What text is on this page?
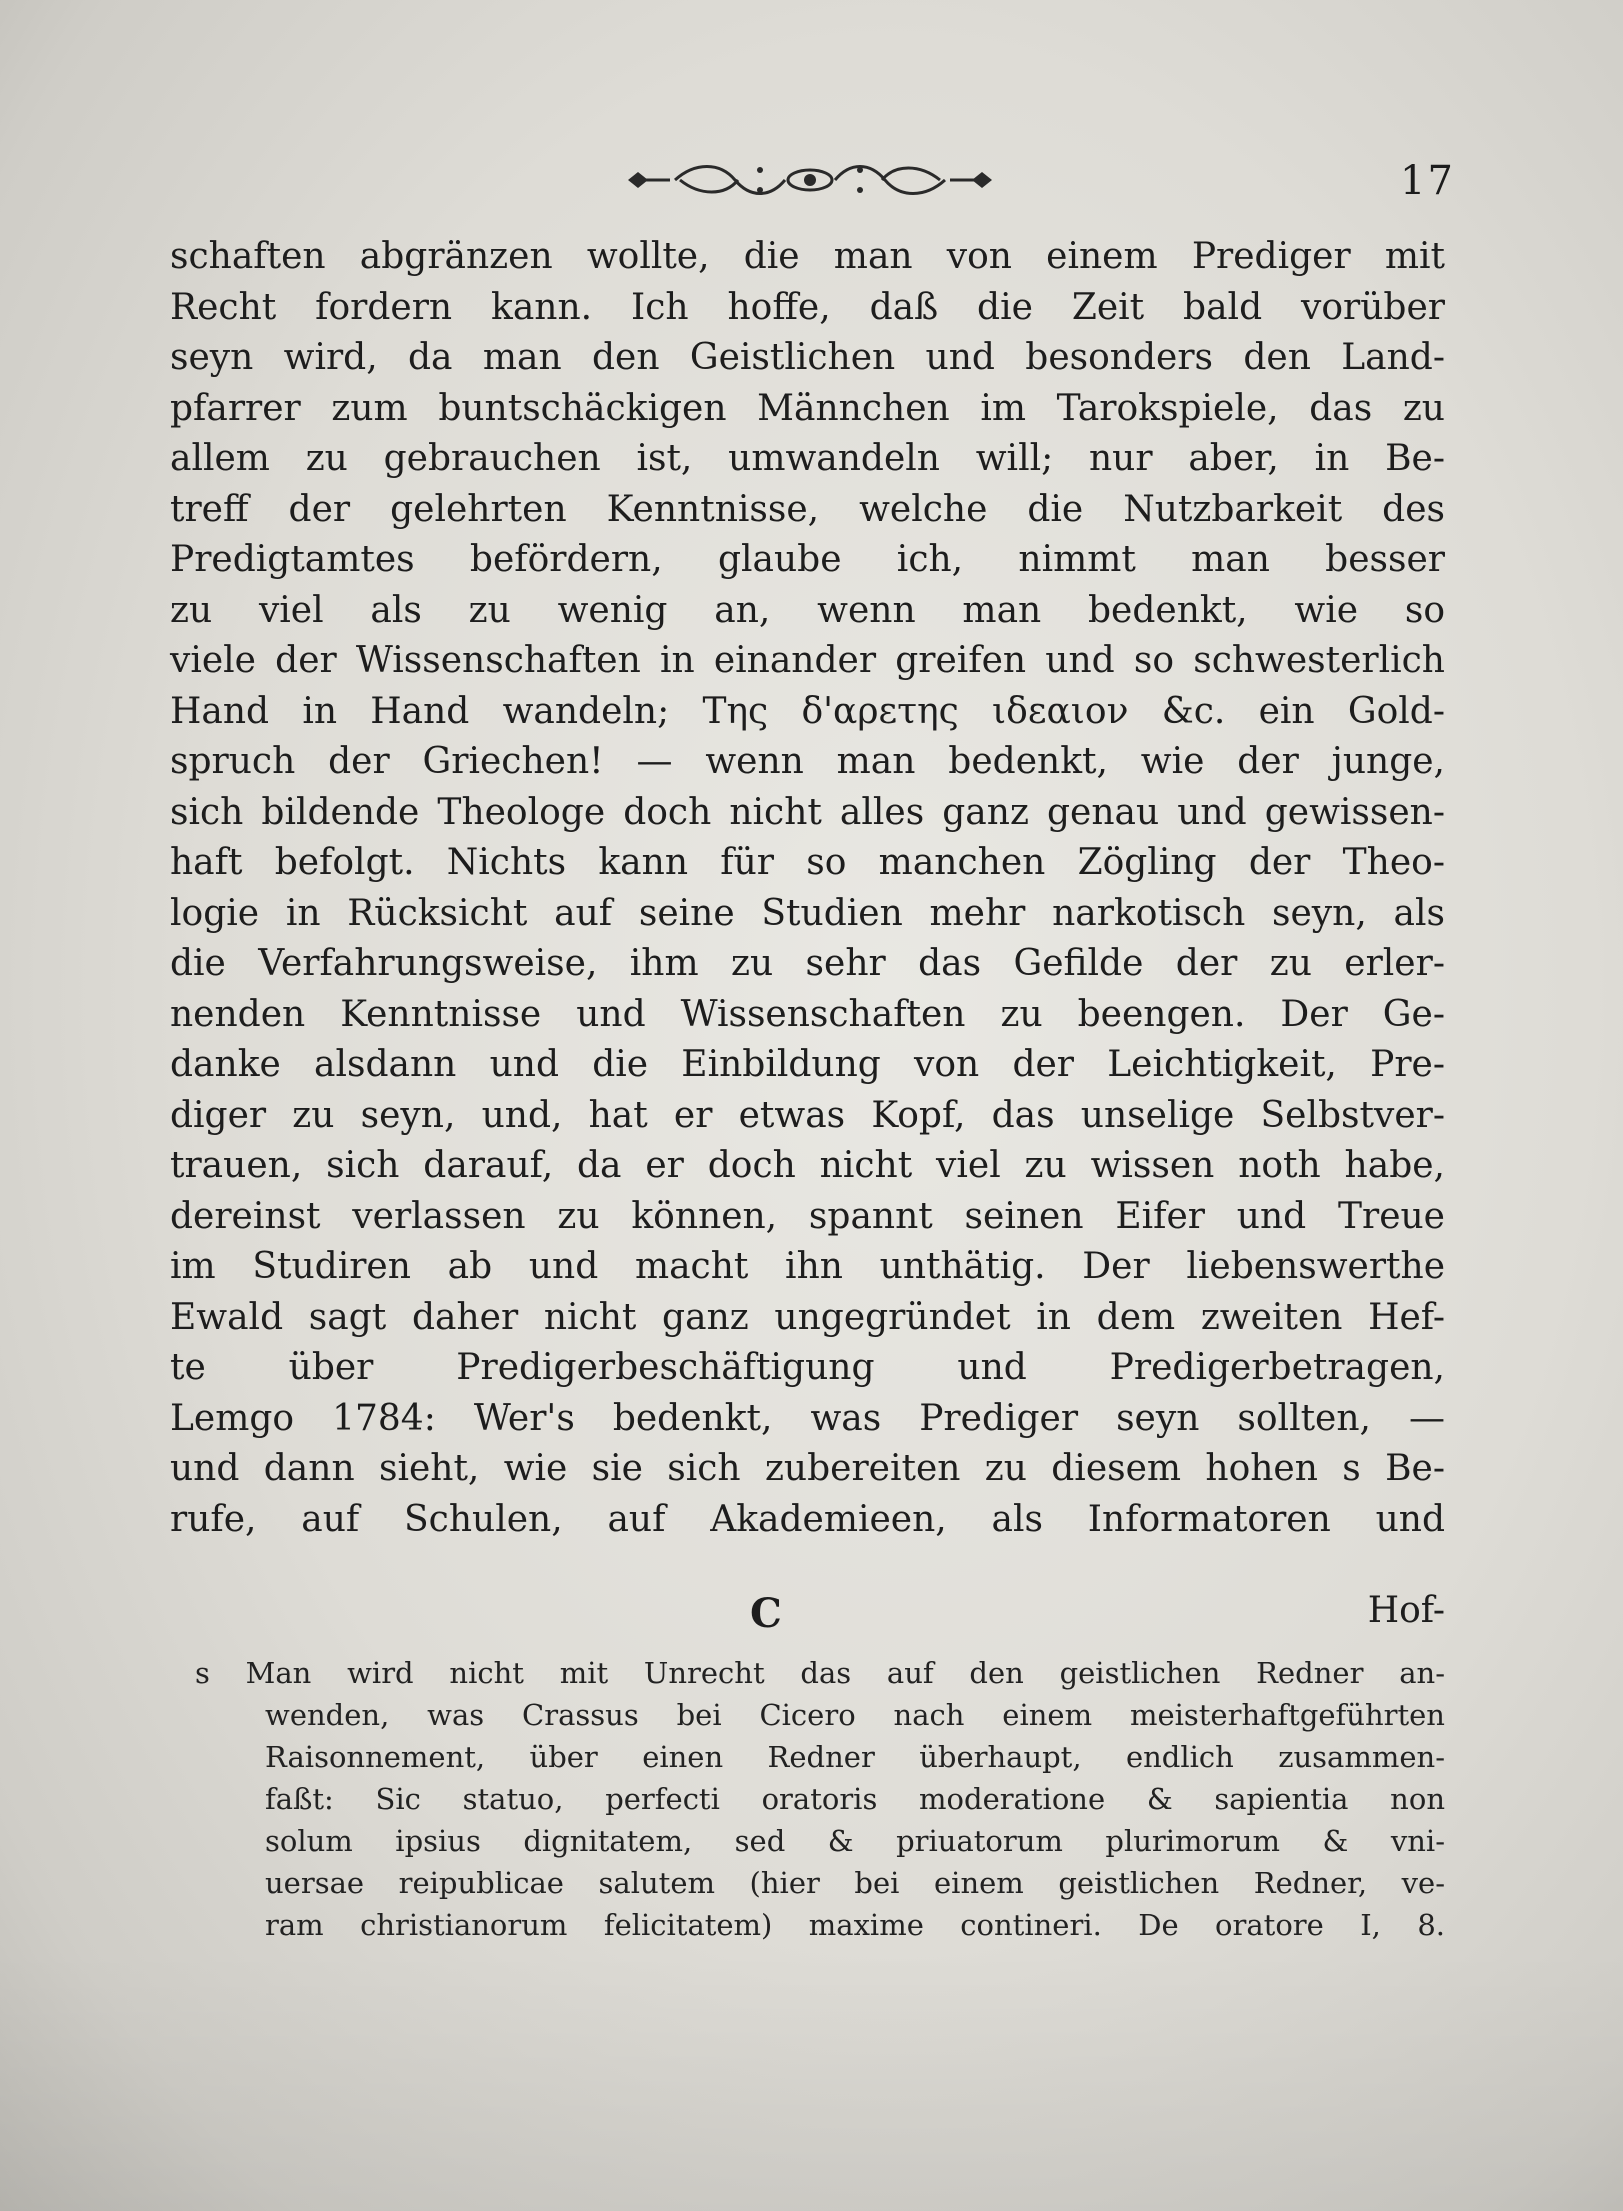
17
schaften abgränzen wollte, die man von einem Prediger mit
Recht fordern kann. Ich hoffe, daß die Zeit bald vorüber
seyn wird, da man den Geistlichen und besonders den Land-
pfarrer zum buntschäckigen Männchen im Tarokspiele, das zu
allem zu gebrauchen ist, umwandeln will; nur aber, in Be-
treff der gelehrten Kenntnisse, welche die Nutzbarkeit des
Predigtamtes befördern, glaube ich, nimmt man besser
zu viel als zu wenig an, wenn man bedenkt, wie so
viele der Wissenschaften in einander greifen und so schwesterlich
Hand in Hand wandeln; Της δ'αρετης ιδεαιον &c. ein Gold-
spruch der Griechen! — wenn man bedenkt, wie der junge,
sich bildende Theologe doch nicht alles ganz genau und gewissen-
haft befolgt. Nichts kann für so manchen Zögling der Theo-
logie in Rücksicht auf seine Studien mehr narkotisch seyn, als
die Verfahrungsweise, ihm zu sehr das Gefilde der zu erler-
nenden Kenntnisse und Wissenschaften zu beengen. Der Ge-
danke alsdann und die Einbildung von der Leichtigkeit, Pre-
diger zu seyn, und, hat er etwas Kopf, das unselige Selbstver-
trauen, sich darauf, da er doch nicht viel zu wissen noth habe,
dereinst verlassen zu können, spannt seinen Eifer und Treue
im Studiren ab und macht ihn unthätig. Der liebenswerthe
Ewald sagt daher nicht ganz ungegründet in dem zweiten Hef-
te über Predigerbeschäftigung und Predigerbetragen,
Lemgo 1784: Wer's bedenkt, was Prediger seyn sollten, —
und dann sieht, wie sie sich zubereiten zu diesem hohen s Be-
rufe, auf Schulen, auf Akademieen, als Informatoren und
C	Hof-
s Man wird nicht mit Unrecht das auf den geistlichen Redner an-
wenden, was Crassus bei Cicero nach einem meisterhaftgeführten
Raisonnement, über einen Redner überhaupt, endlich zusammen-
faßt: Sic statuo, perfecti oratoris moderatione & sapientia non
solum ipsius dignitatem, sed & priuatorum plurimorum & vni-
uersae reipublicae salutem (hier bei einem geistlichen Redner, ve-
ram christianorum felicitatem) maxime contineri. De oratore I, 8.
